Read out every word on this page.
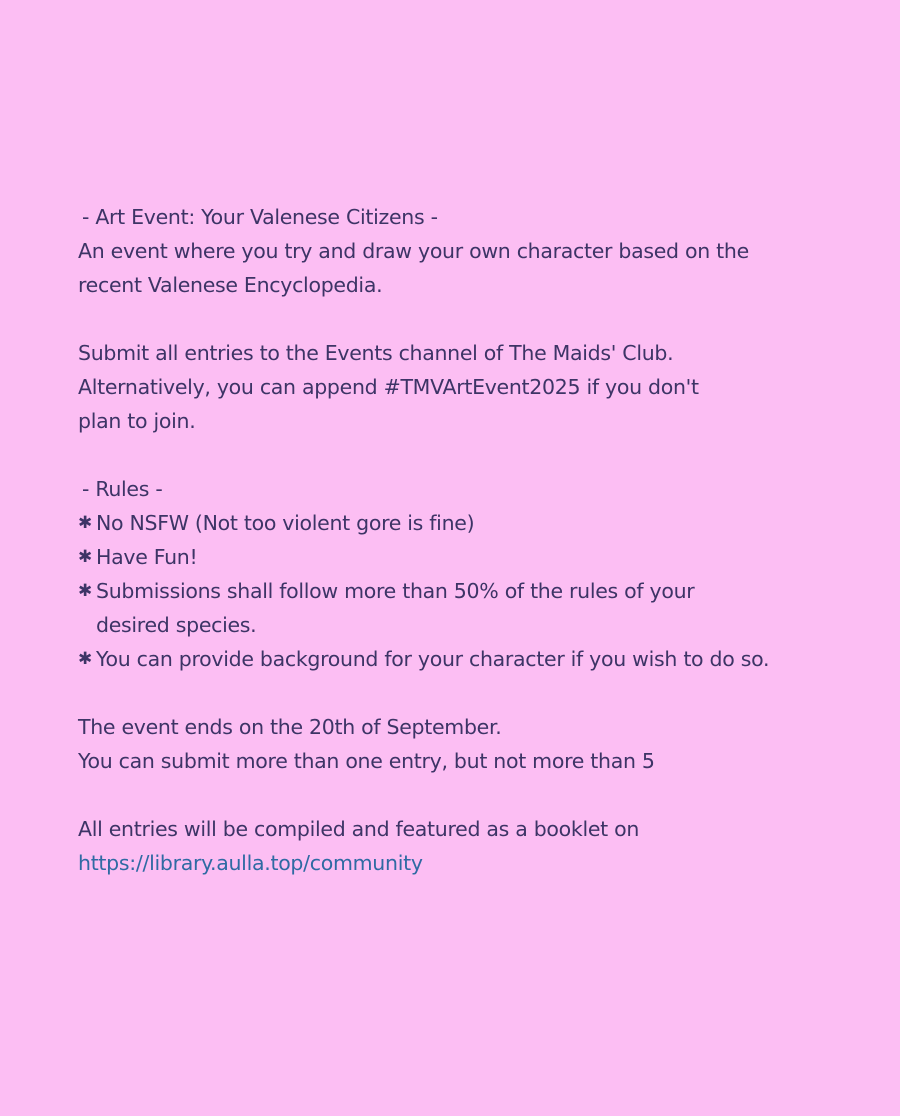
- Art Event: Your Valenese Citizens -
An event where you try and draw your own character based on the
recent Valenese Encyclopedia.
Submit all entries to the Events channel of The Maids' Club.
Alternatively, you can append #TMVArtEvent2025 if you don't
plan to join.
- Rules -
✱ No NSFW (Not too violent gore is fine)
✱ Have Fun!
✱ Submissions shall follow more than 50% of the rules of your
desired species.
✱ You can provide background for your character if you wish to do so.
The event ends on the 20th of September.
You can submit more than one entry, but not more than 5
All entries will be compiled and featured as a booklet on
https://library.aulla.top/community
